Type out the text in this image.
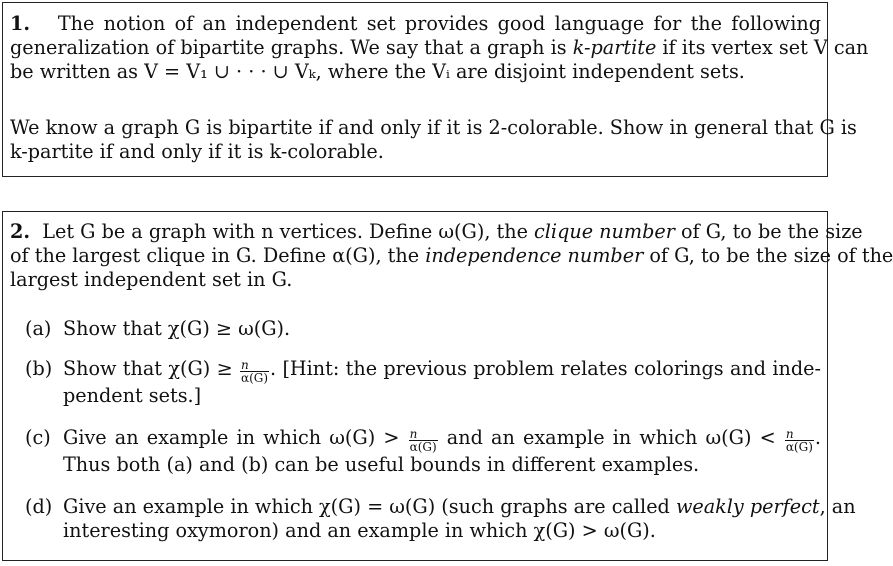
1. The notion of an independent set provides good language for the following
generalization of bipartite graphs. We say that a graph is k-partite if its vertex set V can
be written as V = V₁ ∪ · · · ∪ Vₖ, where the Vᵢ are disjoint independent sets.

We know a graph G is bipartite if and only if it is 2-colorable. Show in general that G is
k-partite if and only if it is k-colorable.

2. Let G be a graph with n vertices. Define ω(G), the clique number of G, to be the size
of the largest clique in G. Define α(G), the independence number of G, to be the size of the
largest independent set in G.

(a) Show that χ(G) ≥ ω(G).
(b) Show that $\chi(G) \ge \frac{n}{\alpha(G)}$ . [Hint: the previous problem relates colorings and inde-
pendent sets.]
(c) Give an example in which $\omega(G) > \frac{n}{\alpha(G)}$ and an example in which $\omega(G) < \frac{n}{\alpha(G)}$ .
Thus both (a) and (b) can be useful bounds in different examples.
(d) Give an example in which χ(G) = ω(G) (such graphs are called weakly perfect, an
interesting oxymoron) and an example in which χ(G) > ω(G).
